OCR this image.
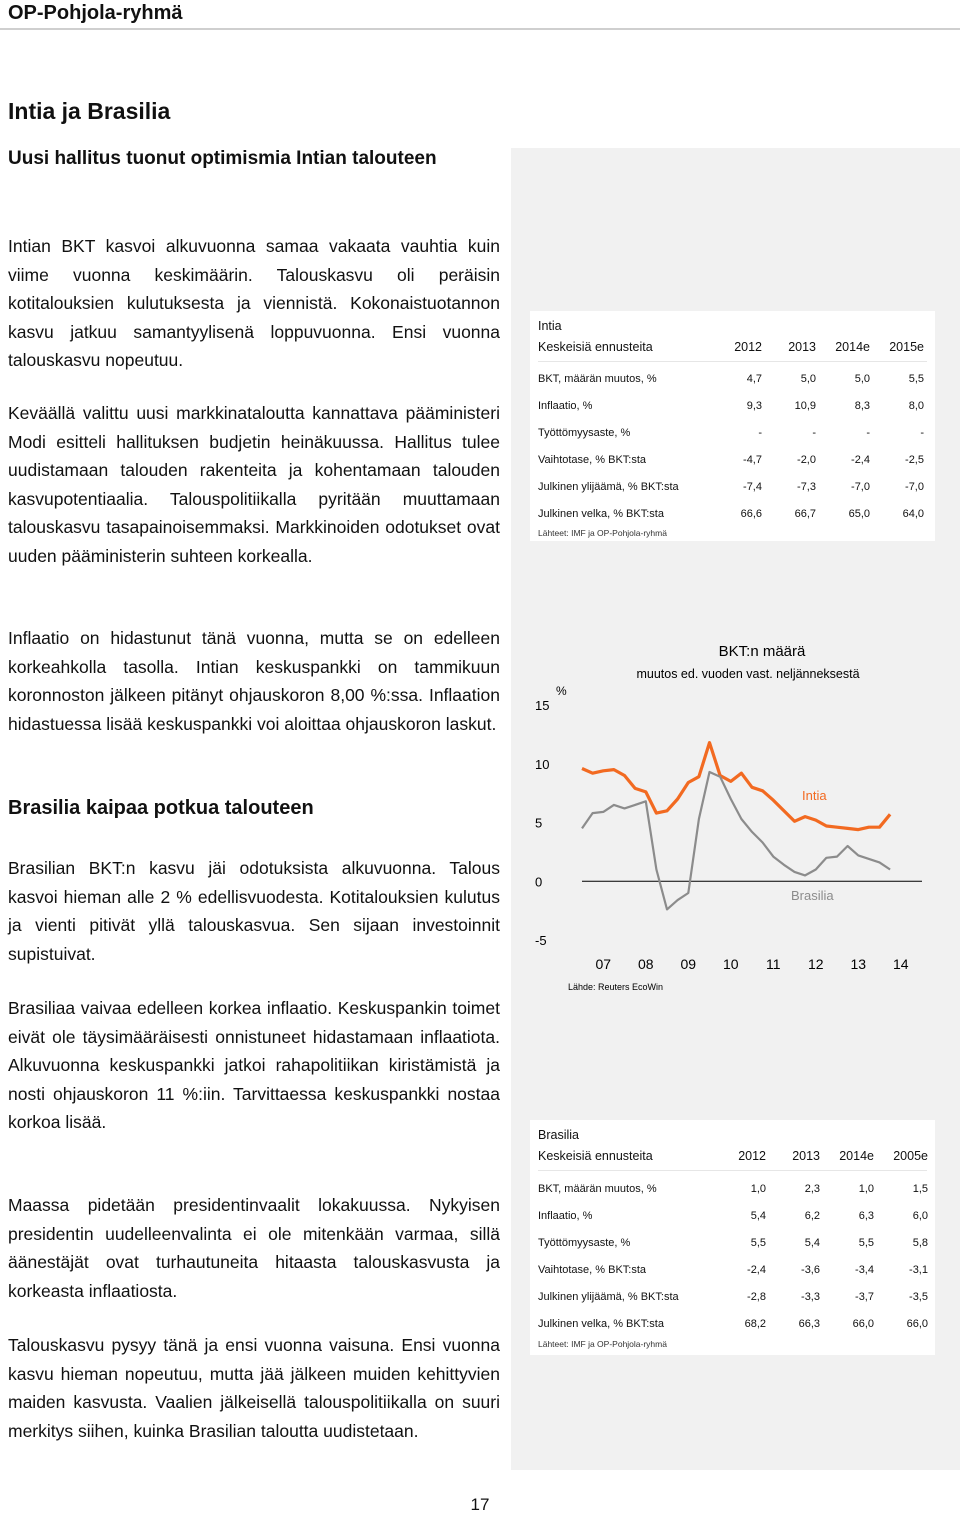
OP-Pohjola-ryhmä
Intia ja Brasilia
Uusi hallitus tuonut optimismia Intian talouteen
Intian BKT kasvoi alkuvuonna samaa vakaata vauhtia kuin viime vuonna keskimäärin. Talouskasvu oli peräisin kotitalouksien kulutuksesta ja viennistä. Kokonaistuotannon kasvu jatkuu samantyylisenä loppuvuonna. Ensi vuonna talouskasvu nopeutuu.
Keväällä valittu uusi markkinataloutta kannattava pääministeri Modi esitteli hallituksen budjetin heinäkuussa. Hallitus tulee uudistamaan talouden rakenteita ja kohentamaan talouden kasvupotentiaalia. Talouspolitiikalla pyritään muuttamaan talouskasvu tasapainoisemmaksi. Markkinoiden odotukset ovat uuden pääministerin suhteen korkealla.
Inflaatio on hidastunut tänä vuonna, mutta se on edelleen korkeahkolla tasolla. Intian keskuspankki on tammikuun koronnoston jälkeen pitänyt ohjauskoron 8,00 %:ssa. Inflaation hidastuessa lisää keskuspankki voi aloittaa ohjauskoron laskut.
Brasilia kaipaa potkua talouteen
Brasilian BKT:n kasvu jäi odotuksista alkuvuonna. Talous kasvoi hieman alle 2 % edellisvuodesta. Kotitalouksien kulutus ja vienti pitivät yllä talouskasvua. Sen sijaan investoinnit supistuivat.
Brasiliaa vaivaa edelleen korkea inflaatio. Keskuspankin toimet eivät ole täysimääräisesti onnistuneet hidastamaan inflaatiota. Alkuvuonna keskuspankki jatkoi rahapolitiikan kiristämistä ja nosti ohjauskoron 11 %:iin. Tarvittaessa keskuspankki nostaa korkoa lisää.
Maassa pidetään presidentinvaalit lokakuussa. Nykyisen presidentin uudelleenvalinta ei ole mitenkään varmaa, sillä äänestäjät ovat turhautuneita hitaasta talouskasvusta ja korkeasta inflaatiosta.
Talouskasvu pysyy tänä ja ensi vuonna vaisuna. Ensi vuonna kasvu hieman nopeutuu, mutta jää jälkeen muiden kehittyvien maiden kasvusta. Vaalien jälkeisellä talouspolitiikalla on suuri merkitys siihen, kuinka Brasilian taloutta uudistetaan.
Intia
Keskeisiä ennusteita	2012	2013	2014e	2015e
BKT, määrän muutos, %	4,7	5,0	5,0	5,5
Inflaatio, %	9,3	10,9	8,3	8,0
Työttömyysaste, %	-	-	-	-
Vaihtotase, % BKT:sta	-4,7	-2,0	-2,4	-2,5
Julkinen ylijäämä, % BKT:sta	-7,4	-7,3	-7,0	-7,0
Julkinen velka, % BKT:sta	66,6	66,7	65,0	64,0
Lähteet: IMF ja OP-Pohjola-ryhmä
BKT:n määrä
muutos ed. vuoden vast. neljänneksestä
%
15
10
5
0
-5
07 08 09 10 11 12 13 14
Intia
Brasilia
Lähde: Reuters EcoWin
Brasilia
Keskeisiä ennusteita	2012	2013	2014e	2005e
BKT, määrän muutos, %	1,0	2,3	1,0	1,5
Inflaatio, %	5,4	6,2	6,3	6,0
Työttömyysaste, %	5,5	5,4	5,5	5,8
Vaihtotase, % BKT:sta	-2,4	-3,6	-3,4	-3,1
Julkinen ylijäämä, % BKT:sta	-2,8	-3,3	-3,7	-3,5
Julkinen velka, % BKT:sta	68,2	66,3	66,0	66,0
Lähteet: IMF ja OP-Pohjola-ryhmä
17
